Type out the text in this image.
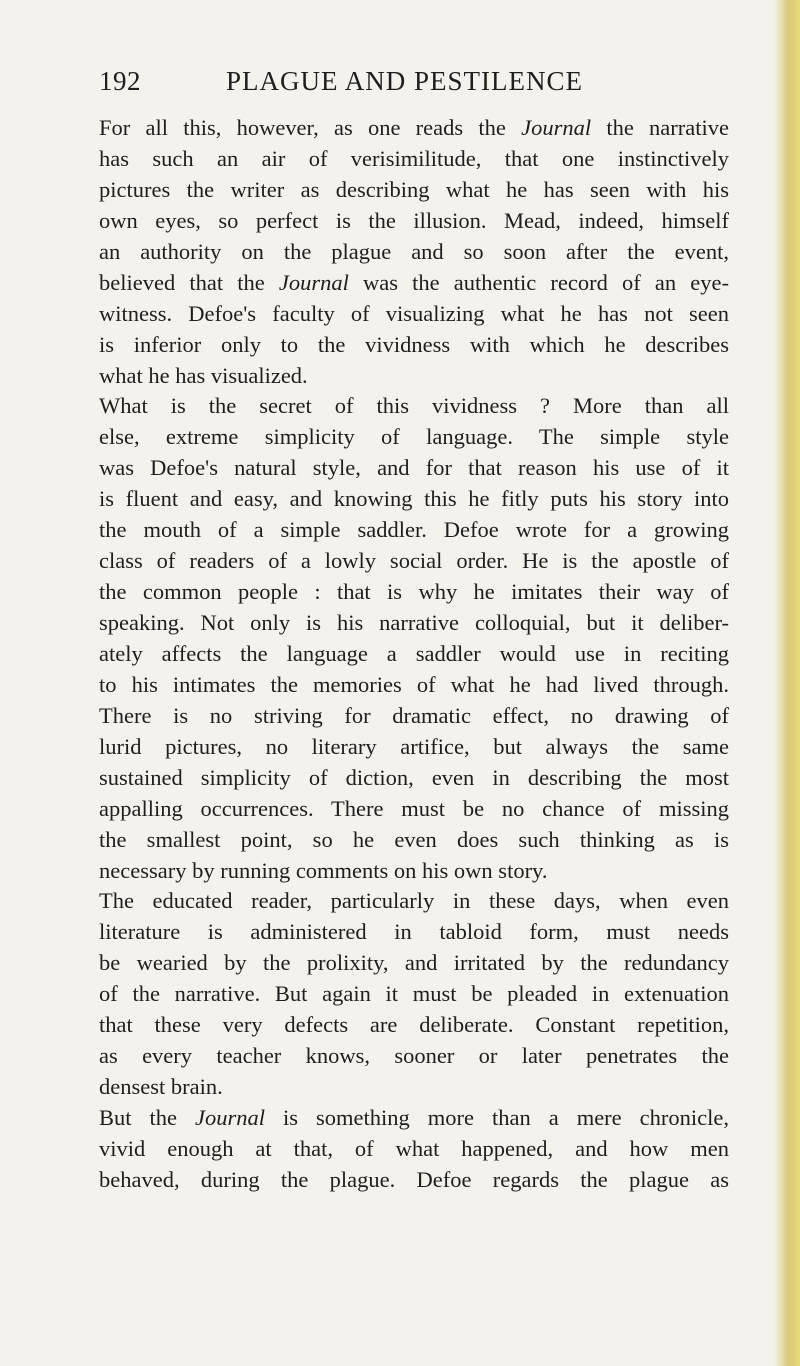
192	PLAGUE AND PESTILENCE
For all this, however, as one reads the Journal the narrative
has such an air of verisimilitude, that one instinctively
pictures the writer as describing what he has seen with his
own eyes, so perfect is the illusion. Mead, indeed, himself
an authority on the plague and so soon after the event,
believed that the Journal was the authentic record of an eye-
witness. Defoe's faculty of visualizing what he has not seen
is inferior only to the vividness with which he describes
what he has visualized.
What is the secret of this vividness ? More than all
else, extreme simplicity of language. The simple style
was Defoe's natural style, and for that reason his use of it
is fluent and easy, and knowing this he fitly puts his story into
the mouth of a simple saddler. Defoe wrote for a growing
class of readers of a lowly social order. He is the apostle of
the common people : that is why he imitates their way of
speaking. Not only is his narrative colloquial, but it deliber-
ately affects the language a saddler would use in reciting
to his intimates the memories of what he had lived through.
There is no striving for dramatic effect, no drawing of
lurid pictures, no literary artifice, but always the same
sustained simplicity of diction, even in describing the most
appalling occurrences. There must be no chance of missing
the smallest point, so he even does such thinking as is
necessary by running comments on his own story.
The educated reader, particularly in these days, when even
literature is administered in tabloid form, must needs
be wearied by the prolixity, and irritated by the redundancy
of the narrative. But again it must be pleaded in extenuation
that these very defects are deliberate. Constant repetition,
as every teacher knows, sooner or later penetrates the
densest brain.
But the Journal is something more than a mere chronicle,
vivid enough at that, of what happened, and how men
behaved, during the plague. Defoe regards the plague as
